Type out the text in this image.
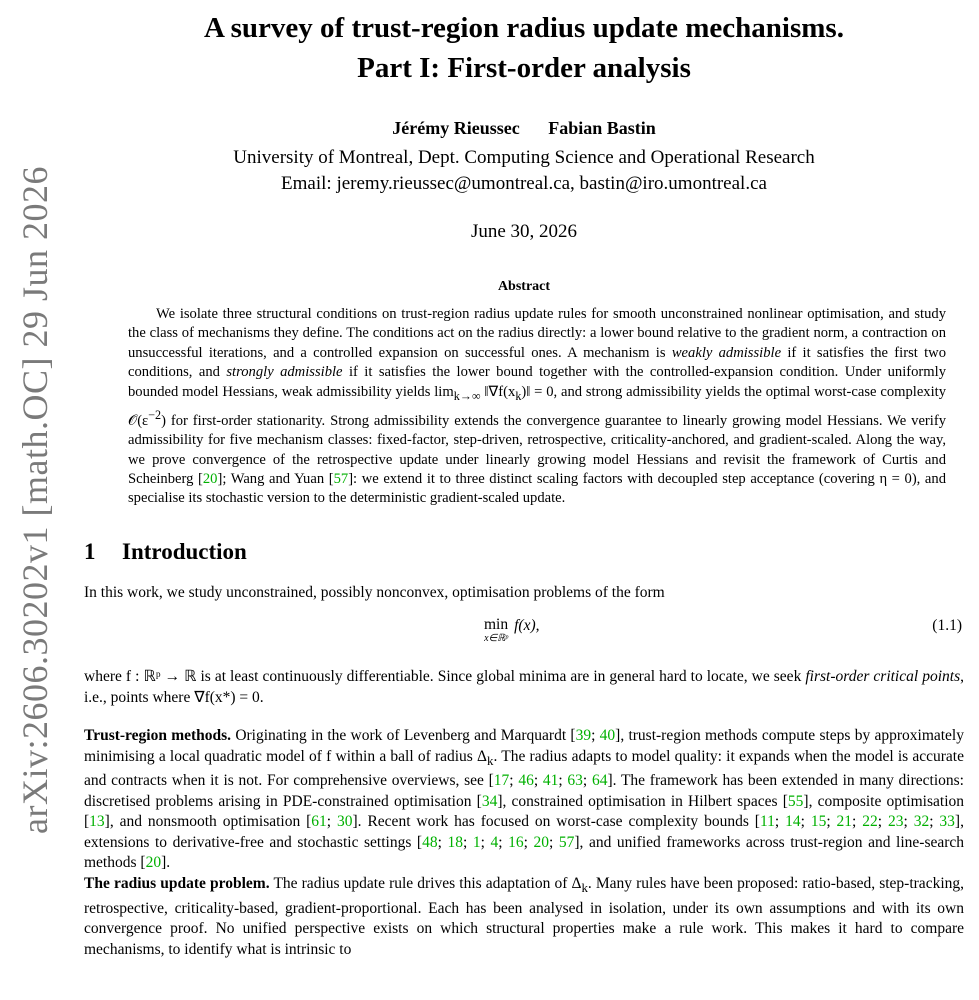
arXiv:2606.30202v1 [math.OC] 29 Jun 2026
A survey of trust-region radius update mechanisms.
Part I: First-order analysis
Jérémy Rieussec Fabian Bastin
University of Montreal, Dept. Computing Science and Operational Research
Email: jeremy.rieussec@umontreal.ca, bastin@iro.umontreal.ca
June 30, 2026
Abstract
We isolate three structural conditions on trust-region radius update rules for smooth unconstrained nonlinear optimisation, and study the class of mechanisms they define. The conditions act on the radius directly: a lower bound relative to the gradient norm, a contraction on unsuccessful iterations, and a controlled expansion on successful ones. A mechanism is weakly admissible if it satisfies the first two conditions, and strongly admissible if it satisfies the lower bound together with the controlled-expansion condition. Under uniformly bounded model Hessians, weak admissibility yields $\lim_{k\to\infty}$ $‖\nabla f(x_k)‖ = 0$, and strong admissibility yields the optimal worst-case complexity $𝒪(\varepsilon^{-2})$ for first-order stationarity. Strong admissibility extends the convergence guarantee to linearly growing model Hessians. We verify admissibility for five mechanism classes: fixed-factor, step-driven, retrospective, criticality-anchored, and gradient-scaled. Along the way, we prove convergence of the retrospective update under linearly growing model Hessians and revisit the framework of Curtis and Scheinberg [20]; Wang and Yuan [57]: we extend it to three distinct scaling factors with decoupled step acceptance (covering η = 0), and specialise its stochastic version to the deterministic gradient-scaled update.
1 Introduction
In this work, we study unconstrained, possibly nonconvex, optimisation problems of the form
min
x∈ℝᵖ
f(x),	(1.1)
where f : ℝᵖ → ℝ is at least continuously differentiable. Since global minima are in general hard to locate, we seek first-order critical points, i.e., points where ∇f(x*) = 0.
Trust-region methods. Originating in the work of Levenberg and Marquardt [39; 40], trust-region methods compute steps by approximately minimising a local quadratic model of f within a ball of radius $\Delta_k$. The radius adapts to model quality: it expands when the model is accurate and contracts when it is not. For comprehensive overviews, see [17; 46; 41; 63; 64]. The framework has been extended in many directions: discretised problems arising in PDE-constrained optimisation [34], constrained optimisation in Hilbert spaces [55], composite optimisation [13], and nonsmooth optimisation [61; 30]. Recent work has focused on worst-case complexity bounds [11; 14; 15; 21; 22; 23; 32; 33], extensions to derivative-free and stochastic settings [48; 18; 1; 4; 16; 20; 57], and unified frameworks across trust-region and line-search methods [20].
The radius update problem. The radius update rule drives this adaptation of $\Delta_k$. Many rules have been proposed: ratio-based, step-tracking, retrospective, criticality-based, gradient-proportional. Each has been analysed in isolation, under its own assumptions and with its own convergence proof. No unified perspective exists on which structural properties make a rule work. This makes it hard to compare mechanisms, to identify what is intrinsic to
